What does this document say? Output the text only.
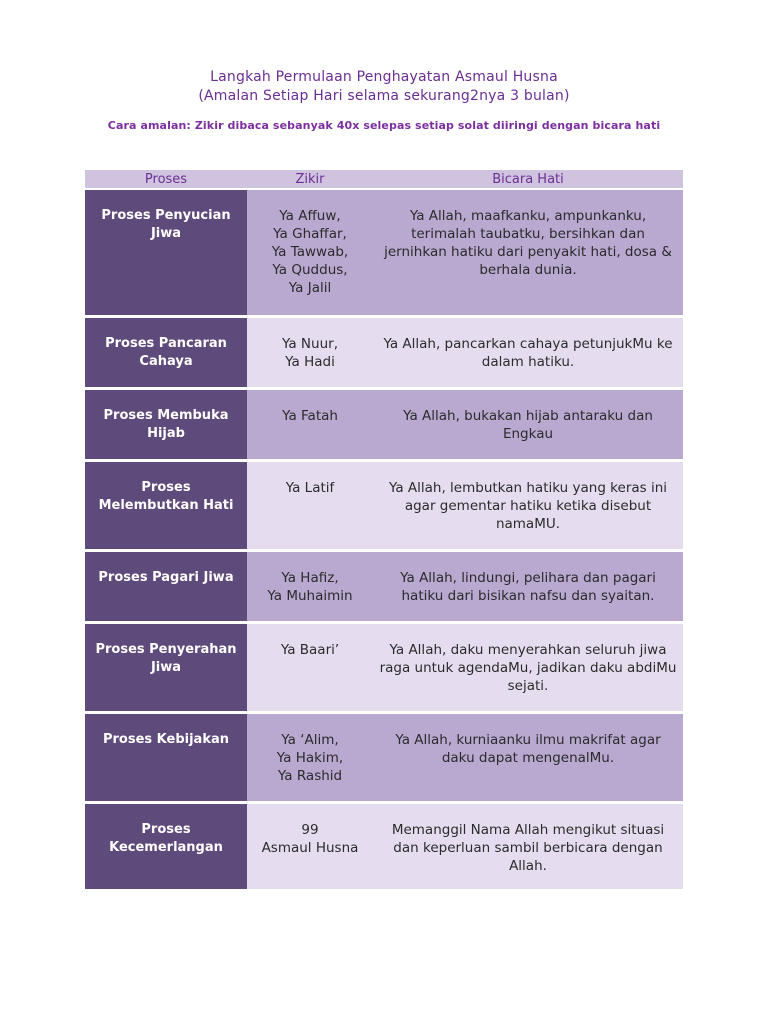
Langkah Permulaan Penghayatan Asmaul Husna
(Amalan Setiap Hari selama sekurang2nya 3 bulan)
Cara amalan: Zikir dibaca sebanyak 40x selepas setiap solat diiringi dengan bicara hati
Proses	Zikir	Bicara Hati
Proses Penyucian Jiwa	Ya Affuw,
Ya Ghaffar,
Ya Tawwab,
Ya Quddus,
Ya Jalil	Ya Allah, maafkanku, ampunkanku, terimalah taubatku, bersihkan dan jernihkan hatiku dari penyakit hati, dosa & berhala dunia.
Proses Pancaran Cahaya	Ya Nuur,
Ya Hadi	Ya Allah, pancarkan cahaya petunjukMu ke dalam hatiku.
Proses Membuka Hijab	Ya Fatah	Ya Allah, bukakan hijab antaraku dan Engkau
Proses Melembutkan Hati	Ya Latif	Ya Allah, lembutkan hatiku yang keras ini agar gementar hatiku ketika disebut namaMU.
Proses Pagari Jiwa	Ya Hafiz,
Ya Muhaimin	Ya Allah, lindungi, pelihara dan pagari hatiku dari bisikan nafsu dan syaitan.
Proses Penyerahan Jiwa	Ya Baari’	Ya Allah, daku menyerahkan seluruh jiwa raga untuk agendaMu, jadikan daku abdiMu sejati.
Proses Kebijakan	Ya ‘Alim,
Ya Hakim,
Ya Rashid	Ya Allah, kurniaanku ilmu makrifat agar daku dapat mengenalMu.
Proses Kecemerlangan	99
Asmaul Husna	Memanggil Nama Allah mengikut situasi dan keperluan sambil berbicara dengan Allah.
